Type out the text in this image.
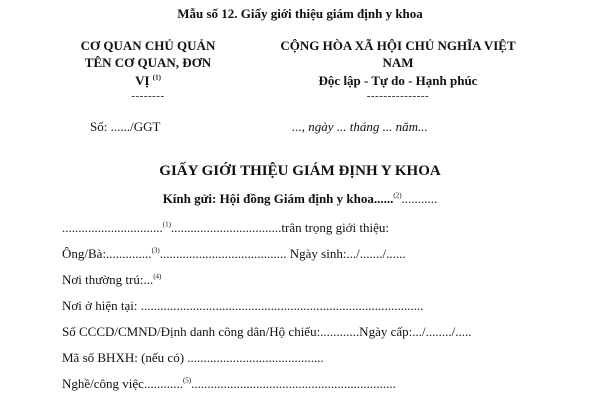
Mẫu số 12. Giấy giới thiệu giám định y khoa
CƠ QUAN CHỦ QUẢN
TÊN CƠ QUAN, ĐƠN
VỊ $^{(1)}$
--------
CỘNG HÒA XÃ HỘI CHỦ NGHĨA VIỆT
NAM
Độc lập - Tự do - Hạnh phúc
---------------
Số: ....../GGT	..., ngày ... tháng ... năm...
GIẤY GIỚI THIỆU GIÁM ĐỊNH Y KHOA
Kính gửi: Hội đồng Giám định y khoa......$^{(2)}$...........
...............................$^{(1)}$..................................trân trọng giới thiệu:
Ông/Bà:..............$^{(3)}$....................................... Ngày sinh:.../......./......
Nơi thường trú:...$^{(4)}$
Nơi ở hiện tại: .......................................................................................
Số CCCD/CMND/Định danh công dân/Hộ chiếu:............Ngày cấp:.../......../.....
Mã số BHXH: (nếu có) ..........................................
Nghề/công việc............$^{(5)}$...............................................................
